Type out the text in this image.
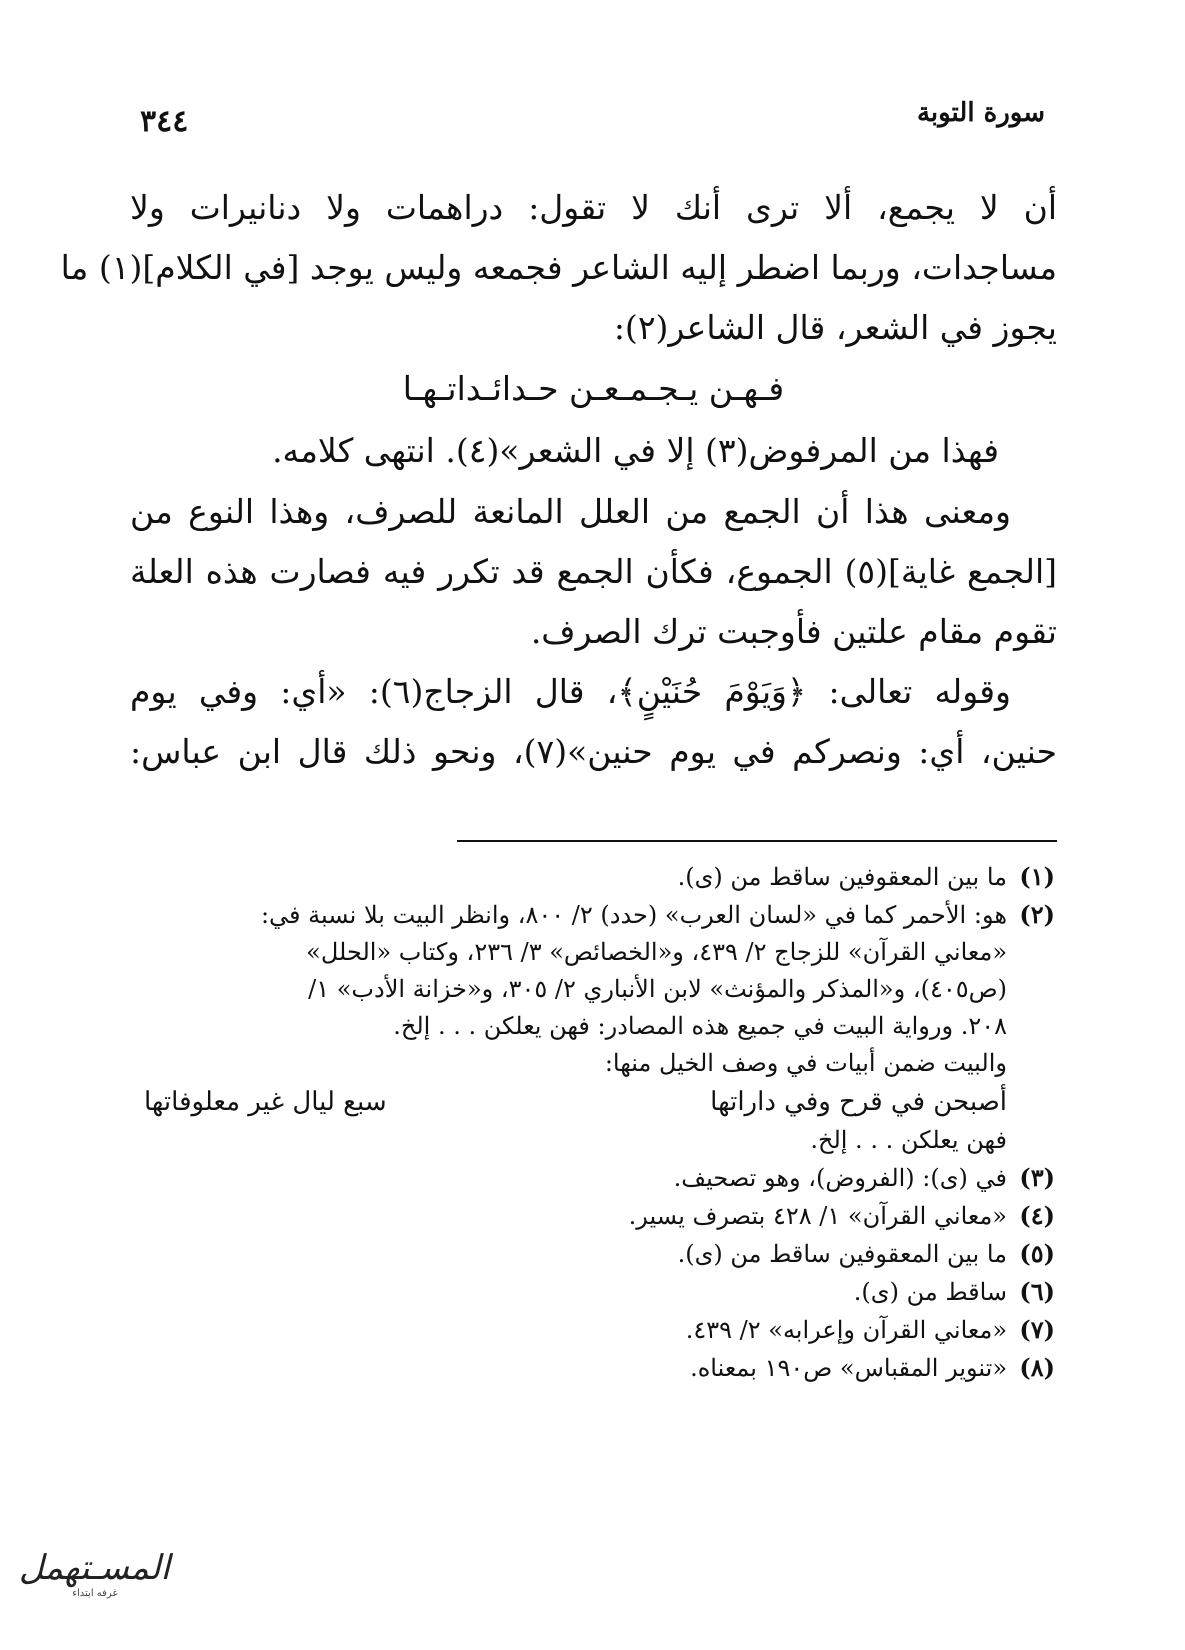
سورة التوبة
٣٤٤
أن لا يجمع، ألا ترى أنك لا تقول: دراهمات ولا دنانيرات ولا
مساجدات، وربما اضطر إليه الشاعر فجمعه وليس يوجد [في الكلام](١) ما
يجوز في الشعر، قال الشاعر(٢):
فـهـن يـجـمـعـن حـدائـداتـهـا
فهذا من المرفوض(٣) إلا في الشعر»(٤). انتهى كلامه.
ومعنى هذا أن الجمع من العلل المانعة للصرف، وهذا النوع من
[الجمع غاية](٥) الجموع، فكأن الجمع قد تكرر فيه فصارت هذه العلة
تقوم مقام علتين فأوجبت ترك الصرف.
وقوله تعالى: ﴿وَيَوْمَ حُنَيْنٍ﴾، قال الزجاج(٦): «أي: وفي يوم
حنين، أي: ونصركم في يوم حنين»(٧)، ونحو ذلك قال ابن عباس:
(١)ما بين المعقوفين ساقط من (ى).
(٢)هو: الأحمر كما في «لسان العرب» (حدد) ٢/ ٨٠٠، وانظر البيت بلا نسبة في:
«معاني القرآن» للزجاج ٢/ ٤٣٩، و«الخصائص» ٣/ ٢٣٦، وكتاب «الحلل»
(ص٤٠٥)، و«المذكر والمؤنث» لابن الأنباري ٢/ ٣٠٥، و«خزانة الأدب» ١/
٢٠٨. ورواية البيت في جميع هذه المصادر: فهن يعلكن . . . إلخ.
والبيت ضمن أبيات في وصف الخيل منها:
أصبحن في قرح وفي داراتها
سبع ليال غير معلوفاتها
فهن يعلكن . . . إلخ.
(٣)في (ى): (الفروض)، وهو تصحيف.
(٤)«معاني القرآن» ١/ ٤٢٨ بتصرف يسير.
(٥)ما بين المعقوفين ساقط من (ى).
(٦)ساقط من (ى).
(٧)«معاني القرآن وإعرابه» ٢/ ٤٣٩.
(٨)«تنوير المقباس» ص١٩٠ بمعناه.
المسـتهمل
غرفه ابتداء
